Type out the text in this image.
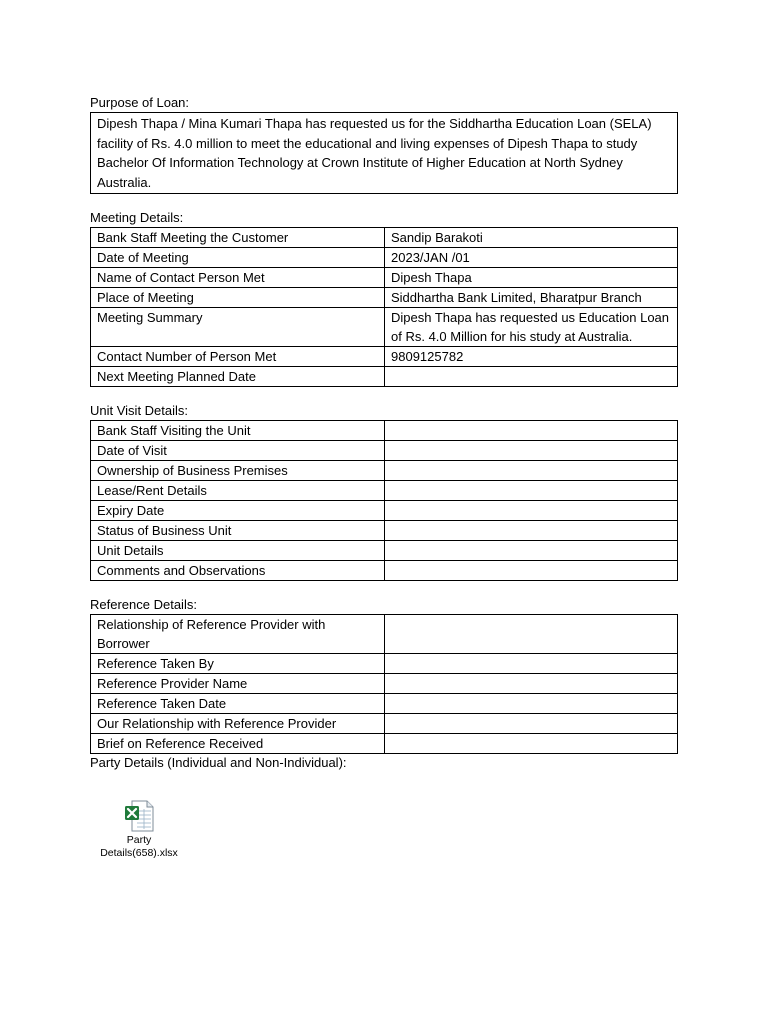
Purpose of Loan:

Dipesh Thapa / Mina Kumari Thapa has requested us for the Siddhartha Education Loan (SELA) facility of Rs. 4.0 million to meet the educational and living expenses of Dipesh Thapa to study Bachelor Of Information Technology at Crown Institute of Higher Education at North Sydney Australia.

Meeting Details:

Bank Staff Meeting the Customer	Sandip Barakoti
Date of Meeting	2023/JAN /01
Name of Contact Person Met	Dipesh Thapa
Place of Meeting	Siddhartha Bank Limited, Bharatpur Branch
Meeting Summary	Dipesh Thapa has requested us Education Loan of Rs. 4.0 Million for his study at Australia.
Contact Number of Person Met	9809125782
Next Meeting Planned Date	

Unit Visit Details:

Bank Staff Visiting the Unit	
Date of Visit	
Ownership of Business Premises	
Lease/Rent Details	
Expiry Date	
Status of Business Unit	
Unit Details	
Comments and Observations	

Reference Details:

Relationship of Reference Provider with Borrower	
Reference Taken By	
Reference Provider Name	
Reference Taken Date	
Our Relationship with Reference Provider	
Brief on Reference Received	

Party Details (Individual and Non-Individual):

Party
Details(658).xlsx
